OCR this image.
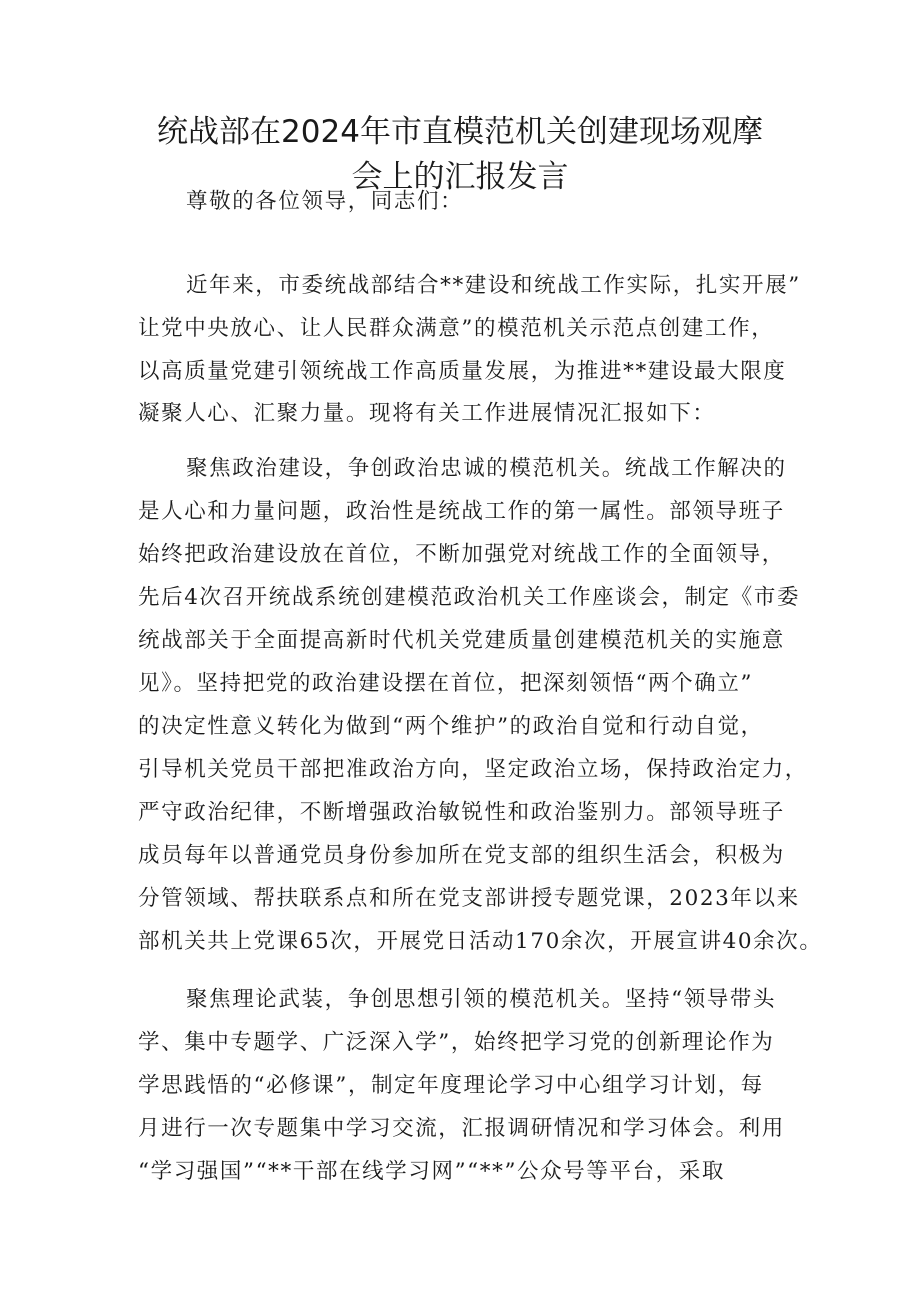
统战部在2024年市直模范机关创建现场观摩
会上的汇报发言
尊敬的各位领导，同志们：
近年来，市委统战部结合**建设和统战工作实际，扎实开展”
让党中央放心、让人民群众满意”的模范机关示范点创建工作，
以高质量党建引领统战工作高质量发展，为推进**建设最大限度
凝聚人心、汇聚力量。现将有关工作进展情况汇报如下：
聚焦政治建设，争创政治忠诚的模范机关。统战工作解决的
是人心和力量问题，政治性是统战工作的第一属性。部领导班子
始终把政治建设放在首位，不断加强党对统战工作的全面领导，
先后4次召开统战系统创建模范政治机关工作座谈会，制定《市委
统战部关于全面提高新时代机关党建质量创建模范机关的实施意
见》。坚持把党的政治建设摆在首位，把深刻领悟“两个确立”
的决定性意义转化为做到“两个维护”的政治自觉和行动自觉，
引导机关党员干部把准政治方向，坚定政治立场，保持政治定力，
严守政治纪律，不断增强政治敏锐性和政治鉴别力。部领导班子
成员每年以普通党员身份参加所在党支部的组织生活会，积极为
分管领域、帮扶联系点和所在党支部讲授专题党课，2023年以来
部机关共上党课65次，开展党日活动170余次，开展宣讲40余次。
聚焦理论武装，争创思想引领的模范机关。坚持“领导带头
学、集中专题学、广泛深入学”，始终把学习党的创新理论作为
学思践悟的“必修课”，制定年度理论学习中心组学习计划，每
月进行一次专题集中学习交流，汇报调研情况和学习体会。利用
“学习强国”“**干部在线学习网”“**”公众号等平台，采取
